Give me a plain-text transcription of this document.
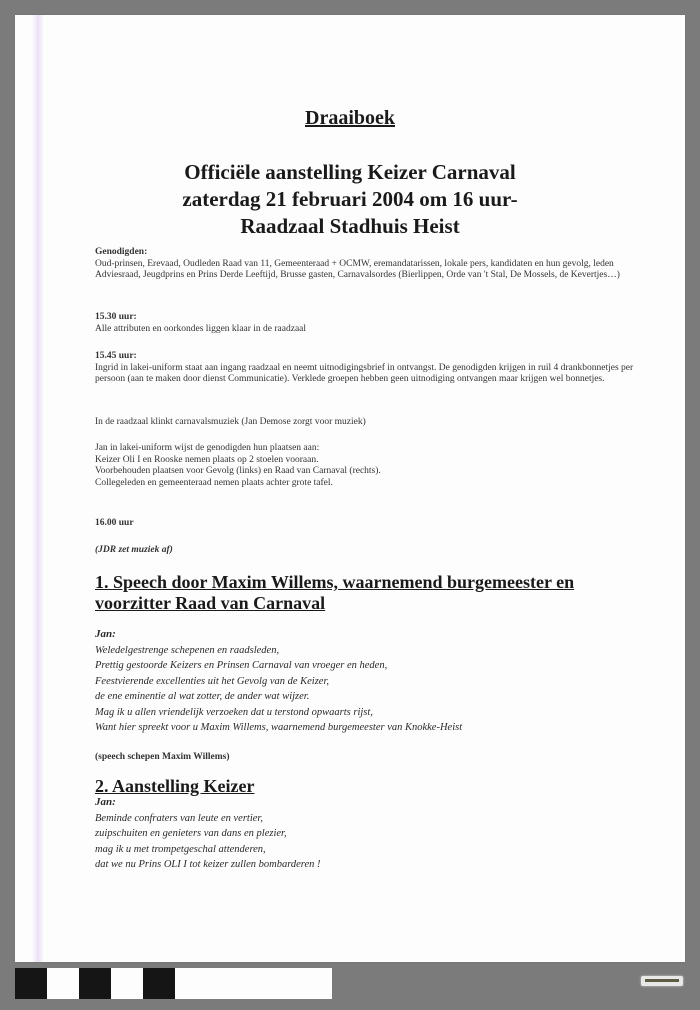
Draaiboek
Officiële aanstelling Keizer Carnaval
zaterdag 21 februari 2004 om 16 uur-
Raadzaal Stadhuis Heist
Genodigden:
Oud-prinsen, Erevaad, Oudleden Raad van 11, Gemeenteraad + OCMW, eremandatarissen, lokale pers, kandidaten en hun gevolg, leden Adviesraad, Jeugdprins en Prins Derde Leeftijd, Brusse gasten, Carnavalsordes (Bierlippen, Orde van 't Stal, De Mossels, de Kevertjes…)
15.30 uur:
Alle attributen en oorkondes liggen klaar in de raadzaal
15.45 uur:
Ingrid in lakei-uniform staat aan ingang raadzaal en neemt uitnodigingsbrief in ontvangst. De genodigden krijgen in ruil 4 drankbonnetjes per persoon (aan te maken door dienst Communicatie). Verklede groepen hebben geen uitnodiging ontvangen maar krijgen wel bonnetjes.
In de raadzaal klinkt carnavalsmuziek (Jan Demose zorgt voor muziek)
Jan in lakei-uniform wijst de genodigden hun plaatsen aan:
Keizer Oli I en Rooske nemen plaats op 2 stoelen vooraan.
Voorbehouden plaatsen voor Gevolg (links) en Raad van Carnaval (rechts).
Collegeleden en gemeenteraad nemen plaats achter grote tafel.
16.00 uur
(JDR zet muziek af)
1. Speech door Maxim Willems, waarnemend burgemeester en
voorzitter Raad van Carnaval
Jan:
Weledelgestrenge schepenen en raadsleden,
Prettig gestoorde Keizers en Prinsen Carnaval van vroeger en heden,
Feestvierende excellenties uit het Gevolg van de Keizer,
de ene eminentie al wat zotter, de ander wat wijzer.
Mag ik u allen vriendelijk verzoeken dat u terstond opwaarts rijst,
Want hier spreekt voor u Maxim Willems, waarnemend burgemeester van Knokke-Heist
(speech schepen Maxim Willems)
2. Aanstelling Keizer
Jan:
Beminde confraters van leute en vertier,
zuipschuiten en genieters van dans en plezier,
mag ik u met trompetgeschal attenderen,
dat we nu Prins OLI I tot keizer zullen bombarderen !
